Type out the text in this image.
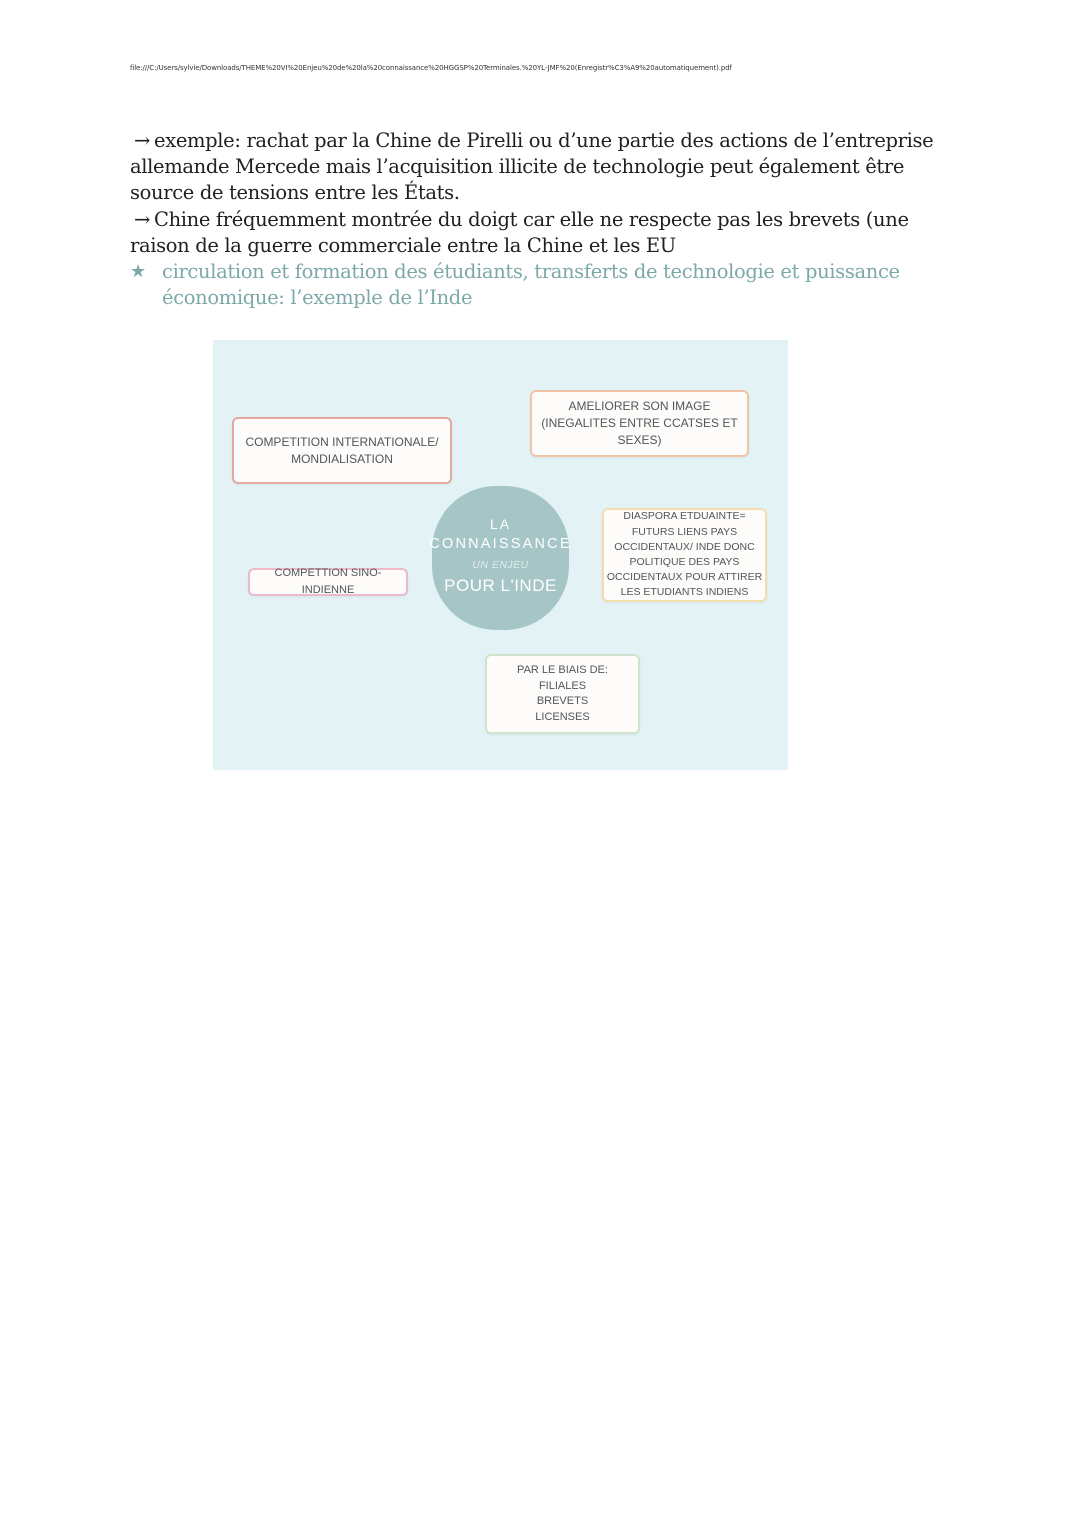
file:///C:/Users/sylvie/Downloads/THEME%20VI%20Enjeu%20de%20la%20connaissance%20HGGSP%20Terminales.%20YL-JMF%20(Enregistr%C3%A9%20automatiquement).pdf

→ exemple: rachat par la Chine de Pirelli ou d’une partie des actions de l’entreprise allemande Mercede mais l’acquisition illicite de technologie peut également être source de tensions entre les États.

→ Chine fréquemment montrée du doigt car elle ne respecte pas les brevets (une raison de la guerre commerciale entre la Chine et les EU

★ circulation et formation des étudiants, transferts de technologie et puissance économique: l’exemple de l’Inde

COMPETITION INTERNATIONALE/ MONDIALISATION
AMELIORER SON IMAGE (INEGALITES ENTRE CCATSES ET SEXES)
COMPETTION SINO-INDIENNE
DIASPORA ETDUAINTE= FUTURS LIENS PAYS OCCIDENTAUX/ INDE DONC POLITIQUE DES PAYS OCCIDENTAUX POUR ATTIRER LES ETUDIANTS INDIENS
PAR LE BIAIS DE:
FILIALES
BREVETS
LICENSES
LA
CONNAISSANCE
UN ENJEU
POUR L'INDE
